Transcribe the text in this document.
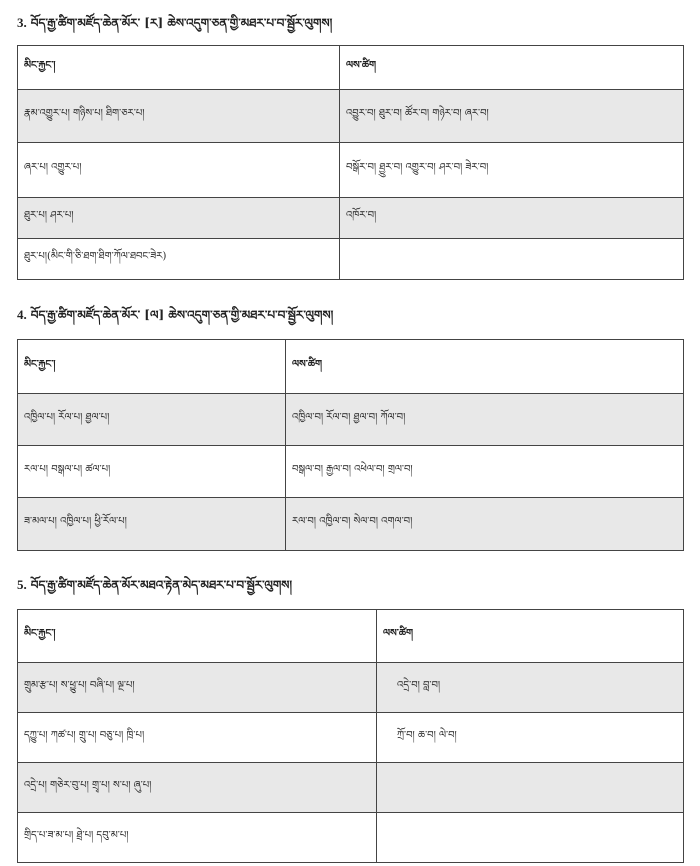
3. བོད་རྒྱ་ཚིག་མཛོད་ཆེན་མོར་ [ར] ཆེས་འདུག་ཅན་གྱི་མཐར་པ་བ་སྦྱོར་ལུགས།
མིང་རྐྱང་།	ལས་ཚིག
རྣམ་འགྱུར་པ། གཉིས་པ། ཐིག་ཅར་པ།	འབྱུར་བ། ཐུར་བ། ཚོར་བ། གཉེར་བ། ཞར་བ།
ཞར་པ། འགྱུར་པ།	བསྒོར་བ། ཐྱུར་བ། འགྱུར་བ། ཤར་བ། ཟེར་བ།
ཐུར་པ། ཤར་པ།	འཁོར་བ།
ཐུར་པ།(མིང་གི་ཅི་ཐག་ཐིག་ཀོལ་ཐབང་ཟེར)	
4. བོད་རྒྱ་ཚིག་མཛོད་ཆེན་མོར་ [ལ] ཆེས་འདུག་ཅན་གྱི་མཐར་པ་བ་སྦྱོར་ལུགས།
མིང་རྐྱང་།	ལས་ཚིག
འཁྱིལ་པ། རོལ་པ། ཐྱལ་པ།	འཁྱིལ་བ། རོལ་བ། ཐྱལ་བ། ཀོལ་བ།
རལ་པ། བསྒལ་པ། ཚལ་པ།	བསྒལ་བ། རྒྱལ་བ། འཕེལ་བ། གྲལ་བ།
ཟ་མལ་པ། འཁྱིལ་པ། ཕྱི་རོལ་པ།	རལ་བ། འཁྱིལ་བ། སེལ་བ། འགལ་བ།
5. བོད་རྒྱ་ཚིག་མཛོད་ཆེན་མོར་མཐའ་རྟེན་མེད་མཐར་པ་བ་སྦྱོར་ལུགས།
མིང་རྐྱང་།	ལས་ཚིག
གྲུམ་རྩ་པ། ས་ཕྱུ་པ། བཞི་པ། ལྔ་པ།	འདྲེ་བ། བླ་བ།
དཀྱུ་པ། ཀཚ་པ། གྲུ་པ། བཅུ་པ། ཁྲི་པ།	ཀྲོ་བ། ཆ་བ། ལེ་བ།
འདྲེ་པ། གཅེར་བུ་པ། གྲྭ་པ། ས་པ། ཞུ་པ།	
གྲིད་པ་ཟ་མ་པ། ཐྲེ་པ། དབུ་མ་པ།	
